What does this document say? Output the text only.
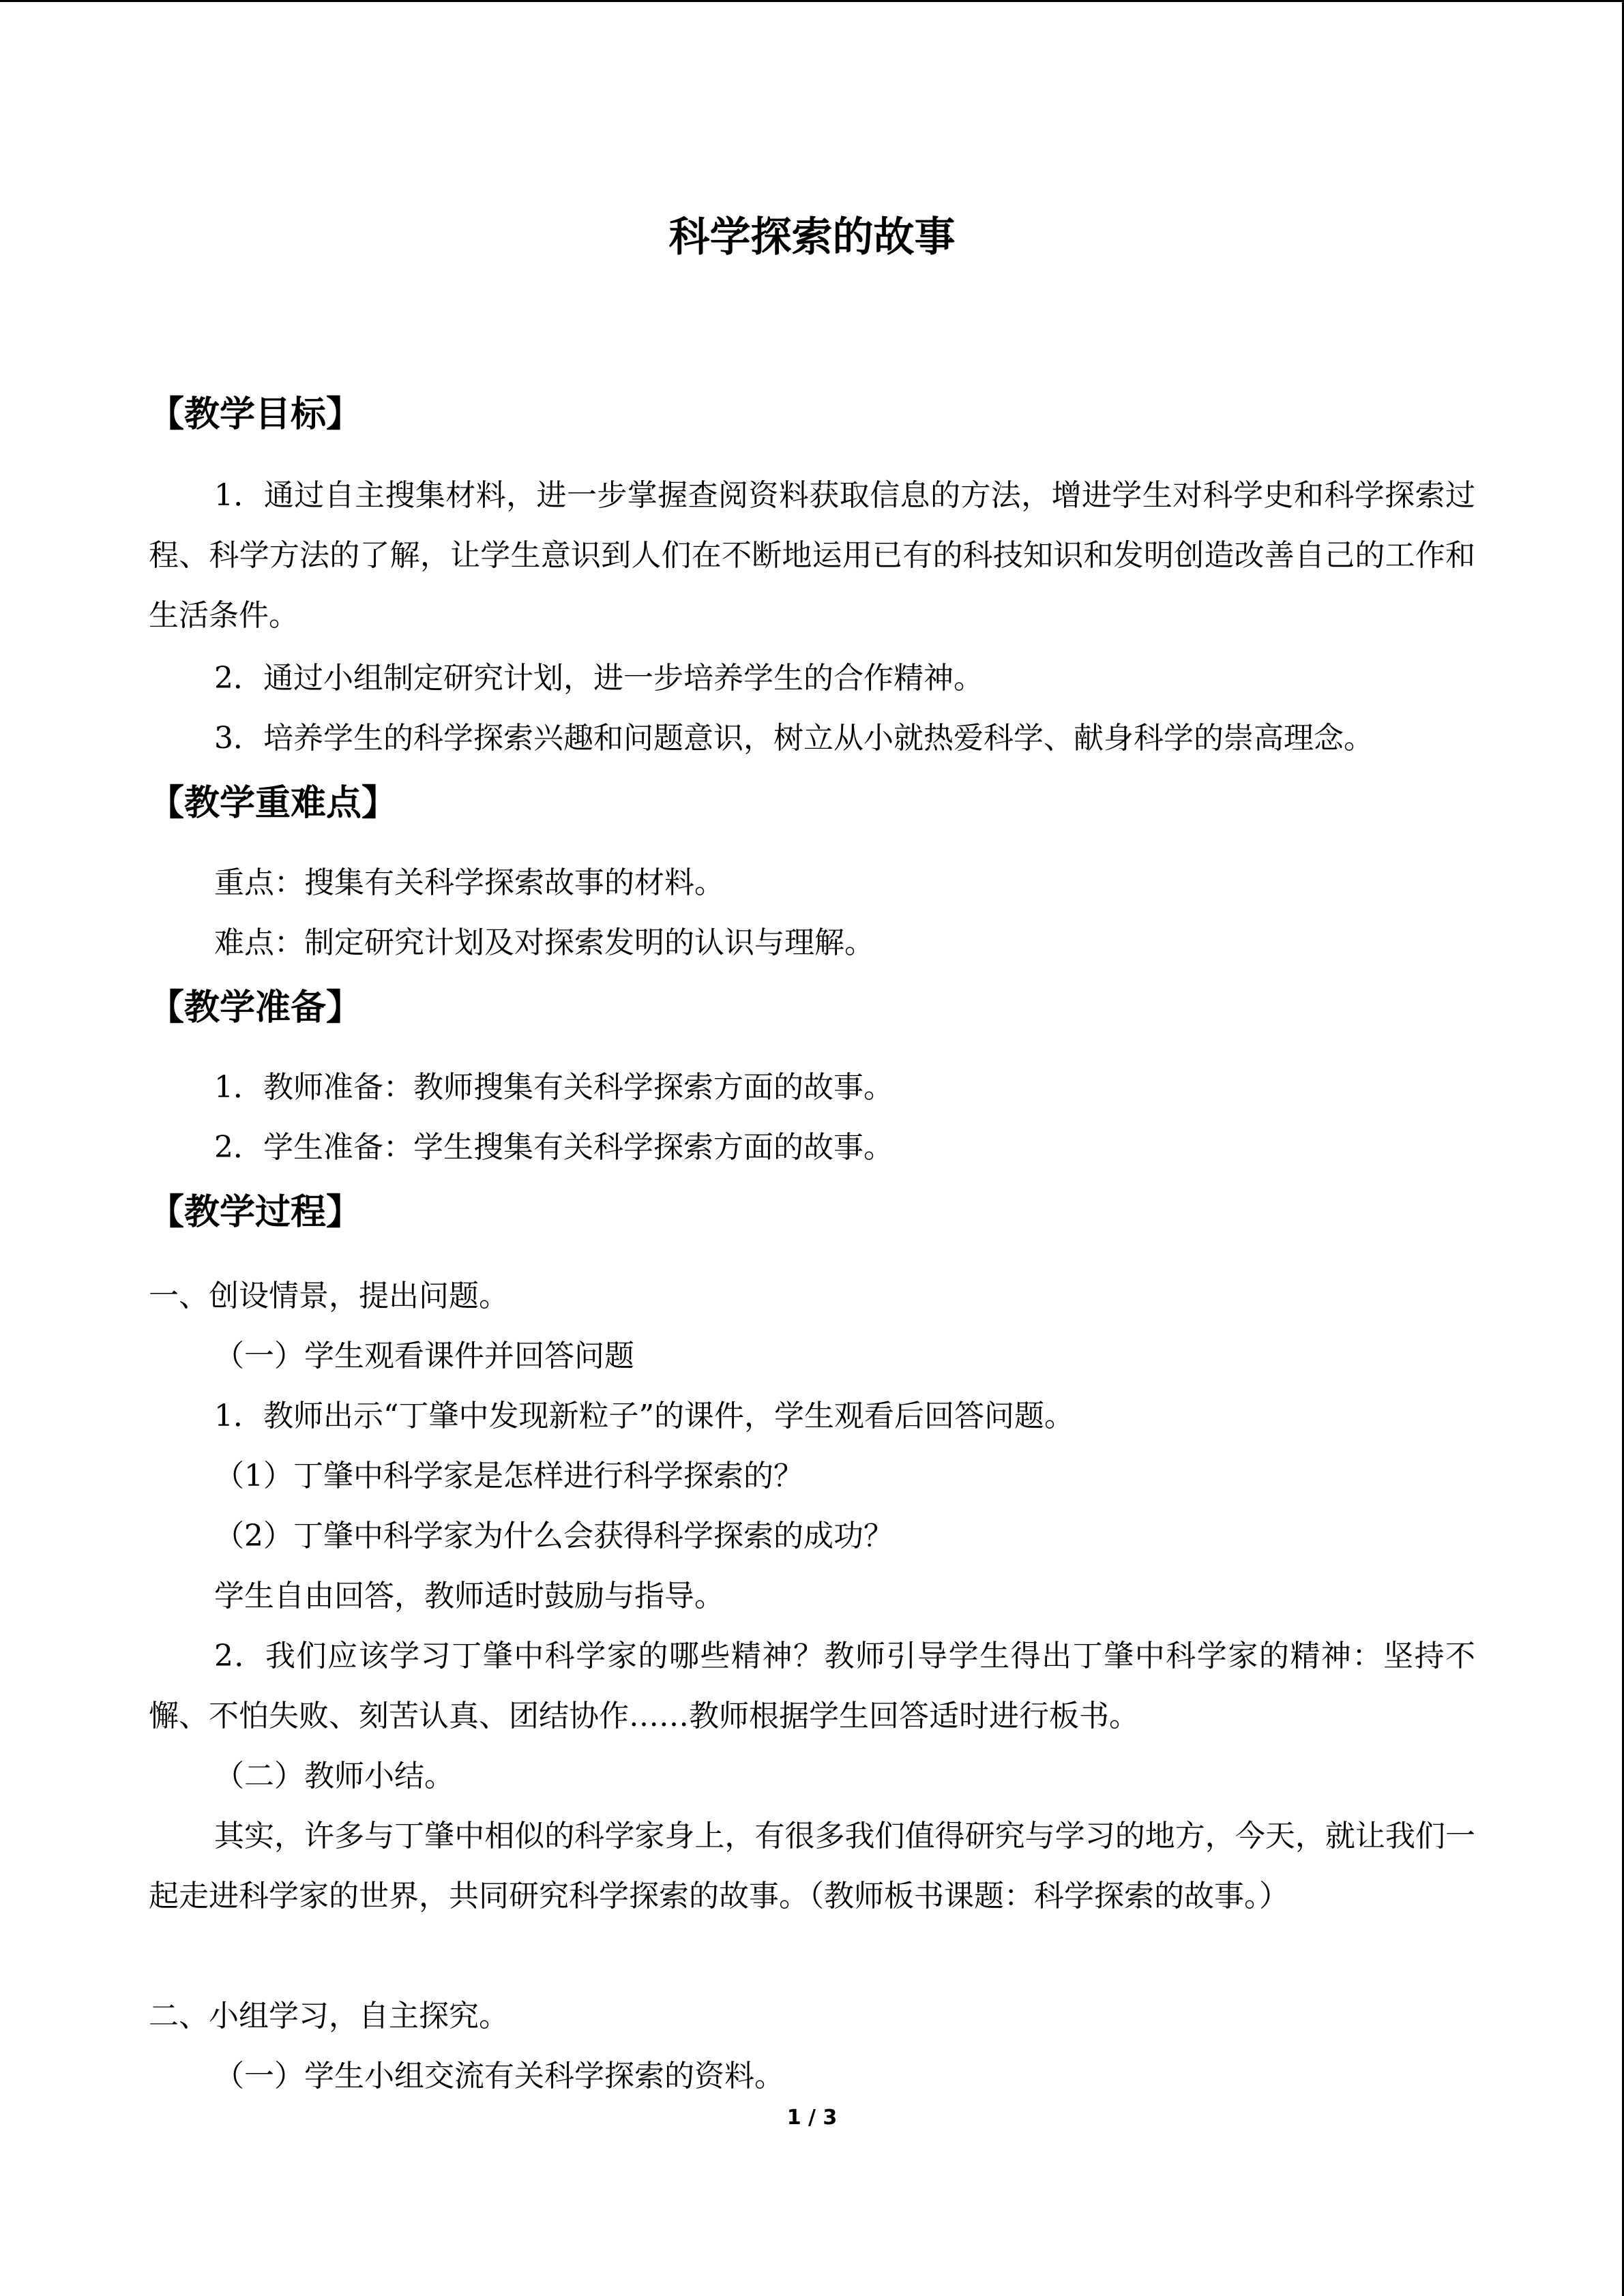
科学探索的故事
【教学目标】
1．通过自主搜集材料，进一步掌握查阅资料获取信息的方法，增进学生对科学史和科学探索过程、科学方法的了解，让学生意识到人们在不断地运用已有的科技知识和发明创造改善自己的工作和生活条件。
2．通过小组制定研究计划，进一步培养学生的合作精神。
3．培养学生的科学探索兴趣和问题意识，树立从小就热爱科学、献身科学的崇高理念。
【教学重难点】
重点：搜集有关科学探索故事的材料。
难点：制定研究计划及对探索发明的认识与理解。
【教学准备】
1．教师准备：教师搜集有关科学探索方面的故事。
2．学生准备：学生搜集有关科学探索方面的故事。
【教学过程】
一、创设情景，提出问题。
（一）学生观看课件并回答问题
1．教师出示“丁肇中发现新粒子”的课件，学生观看后回答问题。
（1）丁肇中科学家是怎样进行科学探索的？
（2）丁肇中科学家为什么会获得科学探索的成功？
学生自由回答，教师适时鼓励与指导。
2．我们应该学习丁肇中科学家的哪些精神？教师引导学生得出丁肇中科学家的精神：坚持不懈、不怕失败、刻苦认真、团结协作……教师根据学生回答适时进行板书。
（二）教师小结。
其实，许多与丁肇中相似的科学家身上，有很多我们值得研究与学习的地方，今天，就让我们一起走进科学家的世界，共同研究科学探索的故事。（教师板书课题：科学探索的故事。）
二、小组学习，自主探究。
（一）学生小组交流有关科学探索的资料。
1 / 3
